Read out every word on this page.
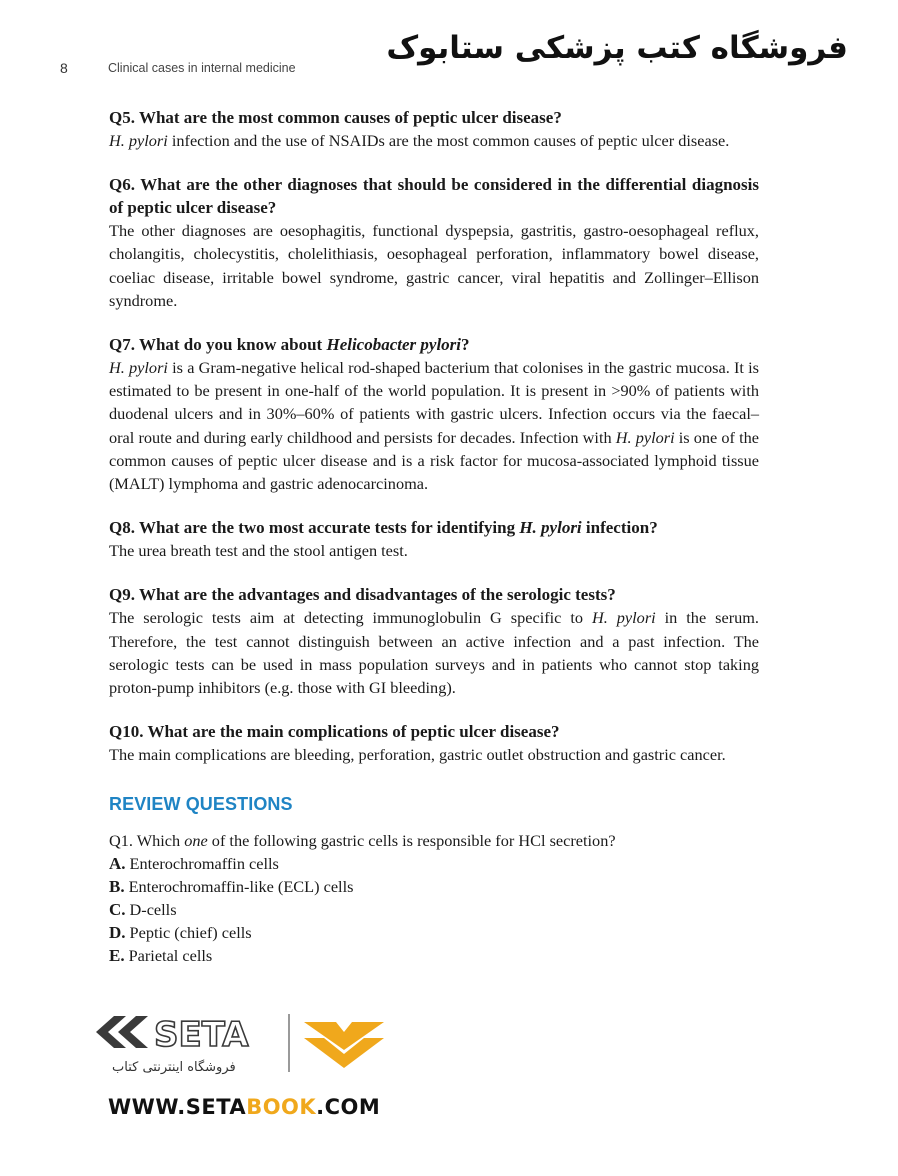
8	Clinical cases in internal medicine
فروشگاه کتب پزشکی ستابوک
Q5. What are the most common causes of peptic ulcer disease?
H. pylori infection and the use of NSAIDs are the most common causes of peptic ulcer disease.
Q6. What are the other diagnoses that should be considered in the differential diagnosis of peptic ulcer disease?
The other diagnoses are oesophagitis, functional dyspepsia, gastritis, gastro-oesophageal reflux, cholangitis, cholecystitis, cholelithiasis, oesophageal perforation, inflammatory bowel disease, coeliac disease, irritable bowel syndrome, gastric cancer, viral hepatitis and Zollinger–Ellison syndrome.
Q7. What do you know about Helicobacter pylori?
H. pylori is a Gram-negative helical rod-shaped bacterium that colonises in the gastric mucosa. It is estimated to be present in one-half of the world population. It is present in >90% of patients with duodenal ulcers and in 30%–60% of patients with gastric ulcers. Infection occurs via the faecal–oral route and during early childhood and persists for decades. Infection with H. pylori is one of the common causes of peptic ulcer disease and is a risk factor for mucosa-associated lymphoid tissue (MALT) lymphoma and gastric adenocarcinoma.
Q8. What are the two most accurate tests for identifying H. pylori infection?
The urea breath test and the stool antigen test.
Q9. What are the advantages and disadvantages of the serologic tests?
The serologic tests aim at detecting immunoglobulin G specific to H. pylori in the serum. Therefore, the test cannot distinguish between an active infection and a past infection. The serologic tests can be used in mass population surveys and in patients who cannot stop taking proton-pump inhibitors (e.g. those with GI bleeding).
Q10. What are the main complications of peptic ulcer disease?
The main complications are bleeding, perforation, gastric outlet obstruction and gastric cancer.
REVIEW QUESTIONS
Q1. Which one of the following gastric cells is responsible for HCl secretion?
A. Enterochromaffin cells
B. Enterochromaffin-like (ECL) cells
C. D-cells
D. Peptic (chief) cells
E. Parietal cells
SETA
فروشگاه اینترنتی کتاب
WWW.SETABOOK.COM
